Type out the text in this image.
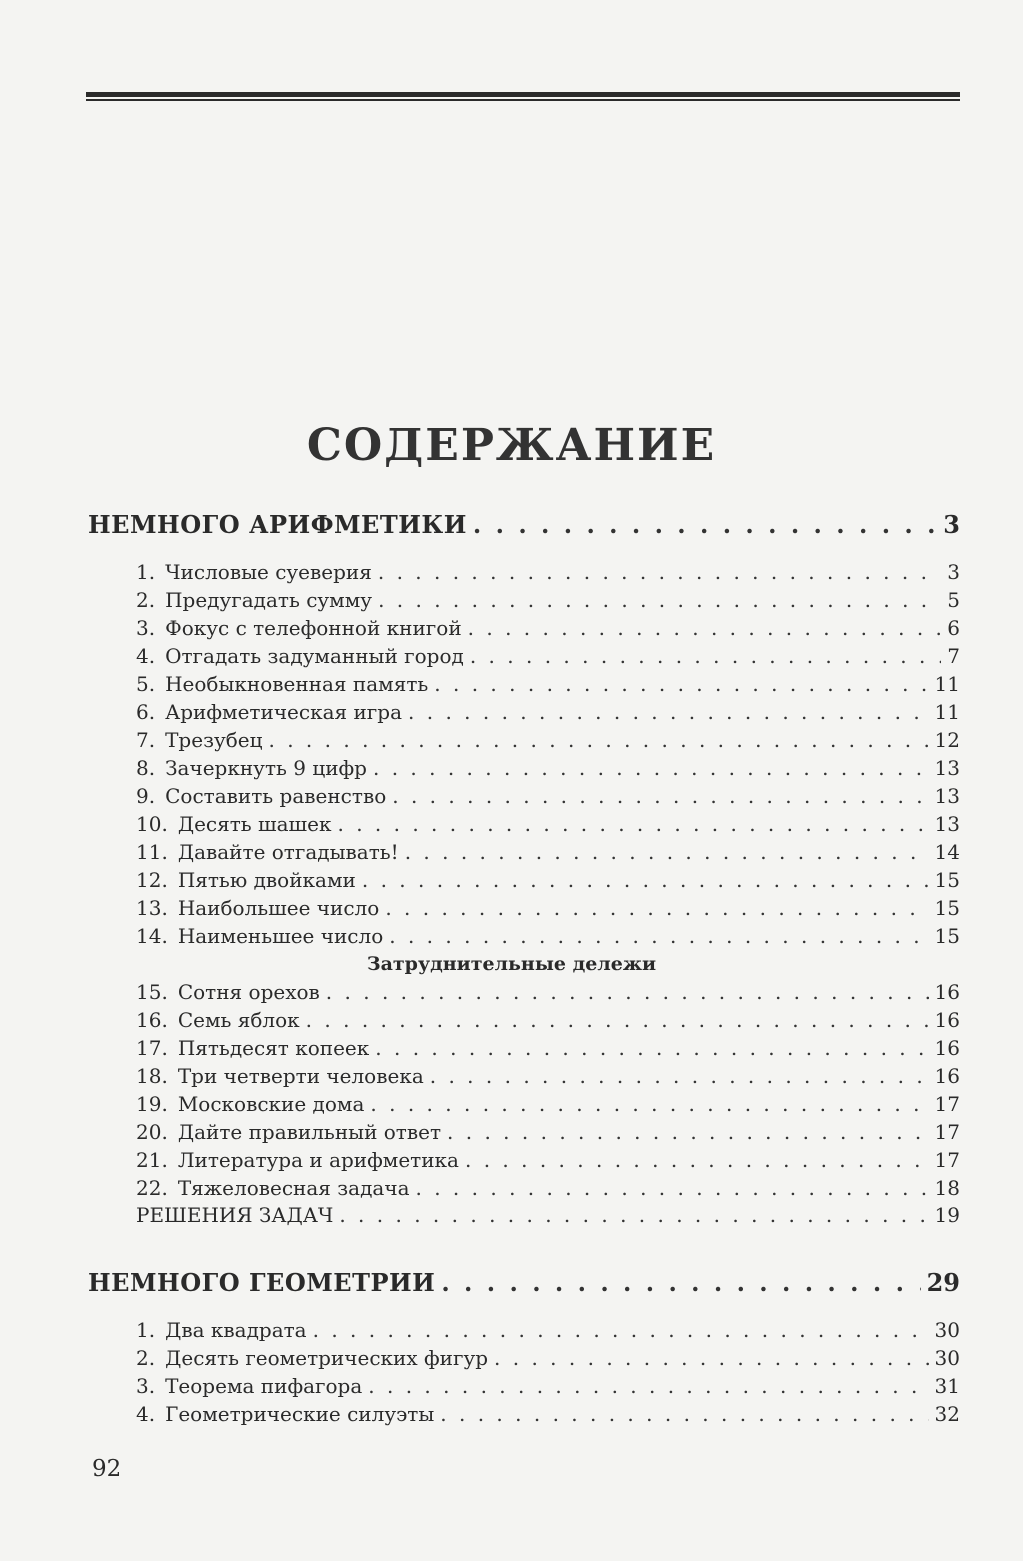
СОДЕРЖАНИЕ
НЕМНОГО АРИФМЕТИКИ . . .	3
1. Числовые суеверия . . .	3
2. Предугадать сумму . . .	5
3. Фокус с телефонной книгой . . .	6
4. Отгадать задуманный город . . .	7
5. Необыкновенная память . . .	11
6. Арифметическая игра . . .	11
7. Трезубец . . .	12
8. Зачеркнуть 9 цифр . . .	13
9. Составить равенство . . .	13
10. Десять шашек . . .	13
11. Давайте отгадывать! . . .	14
12. Пятью двойками . . .	15
13. Наибольшее число . . .	15
14. Наименьшее число . . .	15
Затруднительные дележи
15. Сотня орехов . . .	16
16. Семь яблок . . .	16
17. Пятьдесят копеек . . .	16
18. Три четверти человека . . .	16
19. Московские дома . . .	17
20. Дайте правильный ответ . . .	17
21. Литература и арифметика . . .	17
22. Тяжеловесная задача . . .	18
РЕШЕНИЯ ЗАДАЧ . . .	19
НЕМНОГО ГЕОМЕТРИИ . . .	29
1. Два квадрата . . .	30
2. Десять геометрических фигур . . .	30
3. Теорема пифагора . . .	31
4. Геометрические силуэты . . .	32
92
